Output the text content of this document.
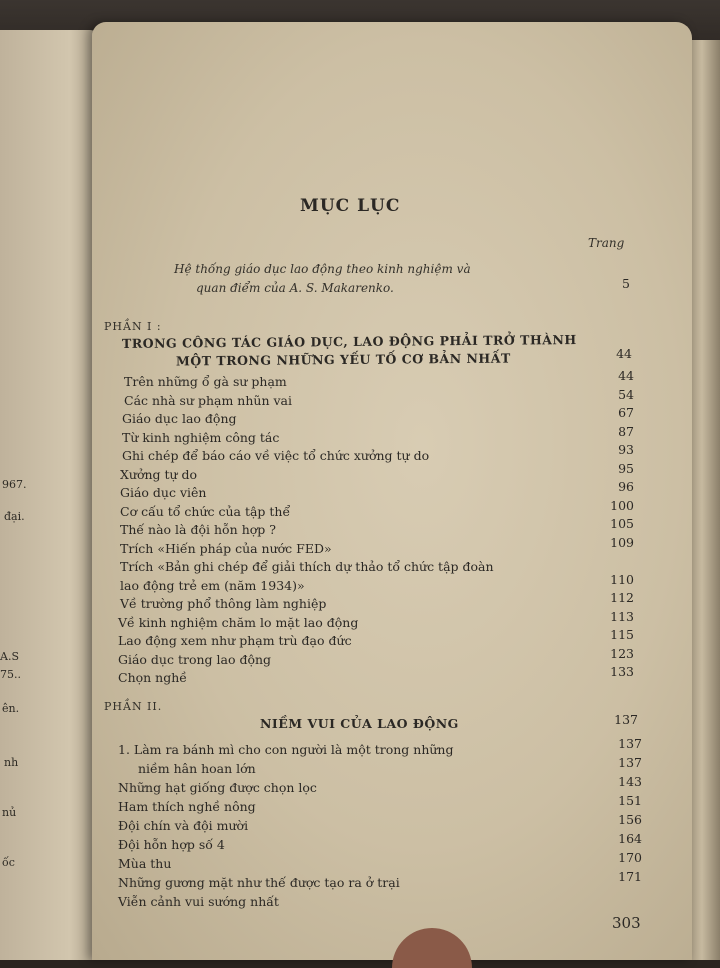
967.
đại.
A.S
75..
ên.
nh
nủ
ốc
MỤC LỤC
Trang
Hệ thống giáo dục lao động theo kinh nghiệm và
quan điểm của A. S. Makarenko.	5
PHẦN I :
TRONG CÔNG TÁC GIÁO DỤC, LAO ĐỘNG PHẢI TRỞ THÀNH
MỘT TRONG NHỮNG YẾU TỐ CƠ BẢN NHẤT	44
Trên những ổ gà sư phạm	44
Các nhà sư phạm nhũn vai	54
Giáo dục lao động	67
Từ kinh nghiệm công tác	87
Ghi chép để báo cáo về việc tổ chức xưởng tự do	93
Xưởng tự do	95
Giáo dục viên	96
Cơ cấu tổ chức của tập thể	100
Thế nào là đội hỗn hợp ?	105
Trích «Hiến pháp của nước FED»	109
Trích «Bản ghi chép để giải thích dự thảo tổ chức tập đoàn
lao động trẻ em (năm 1934)»	110
Về trường phổ thông làm nghiệp	112
Về kinh nghiệm chăm lo mặt lao động	113
Lao động xem như phạm trù đạo đức	115
Giáo dục trong lao động	123
Chọn nghề	133
PHẦN II.
NIỀM VUI CỦA LAO ĐỘNG	137
1. Làm ra bánh mì cho con người là một trong những	137
niềm hân hoan lớn	137
Những hạt giống được chọn lọc	143
Ham thích nghề nông	151
Đội chín và đội mười	156
Đội hỗn hợp số 4	164
Mùa thu	170
Những gương mặt như thế được tạo ra ở trại	171
Viễn cảnh vui sướng nhất
303
